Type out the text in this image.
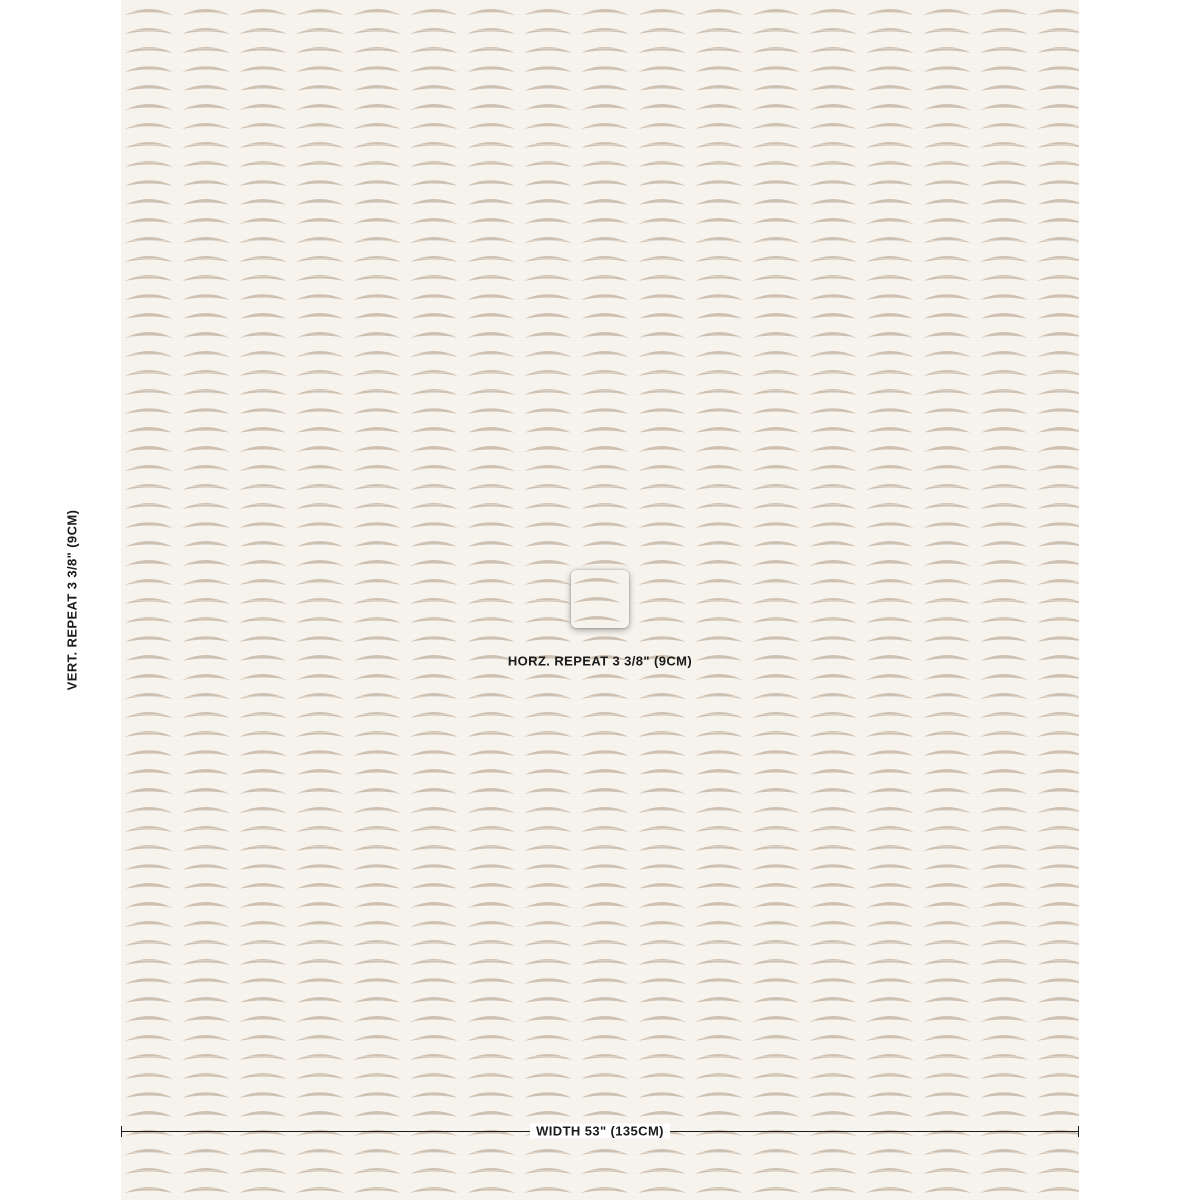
VERT. REPEAT 3 3/8" (9CM)	HORZ. REPEAT 3 3/8" (9CM)
WIDTH 53" (135CM)
